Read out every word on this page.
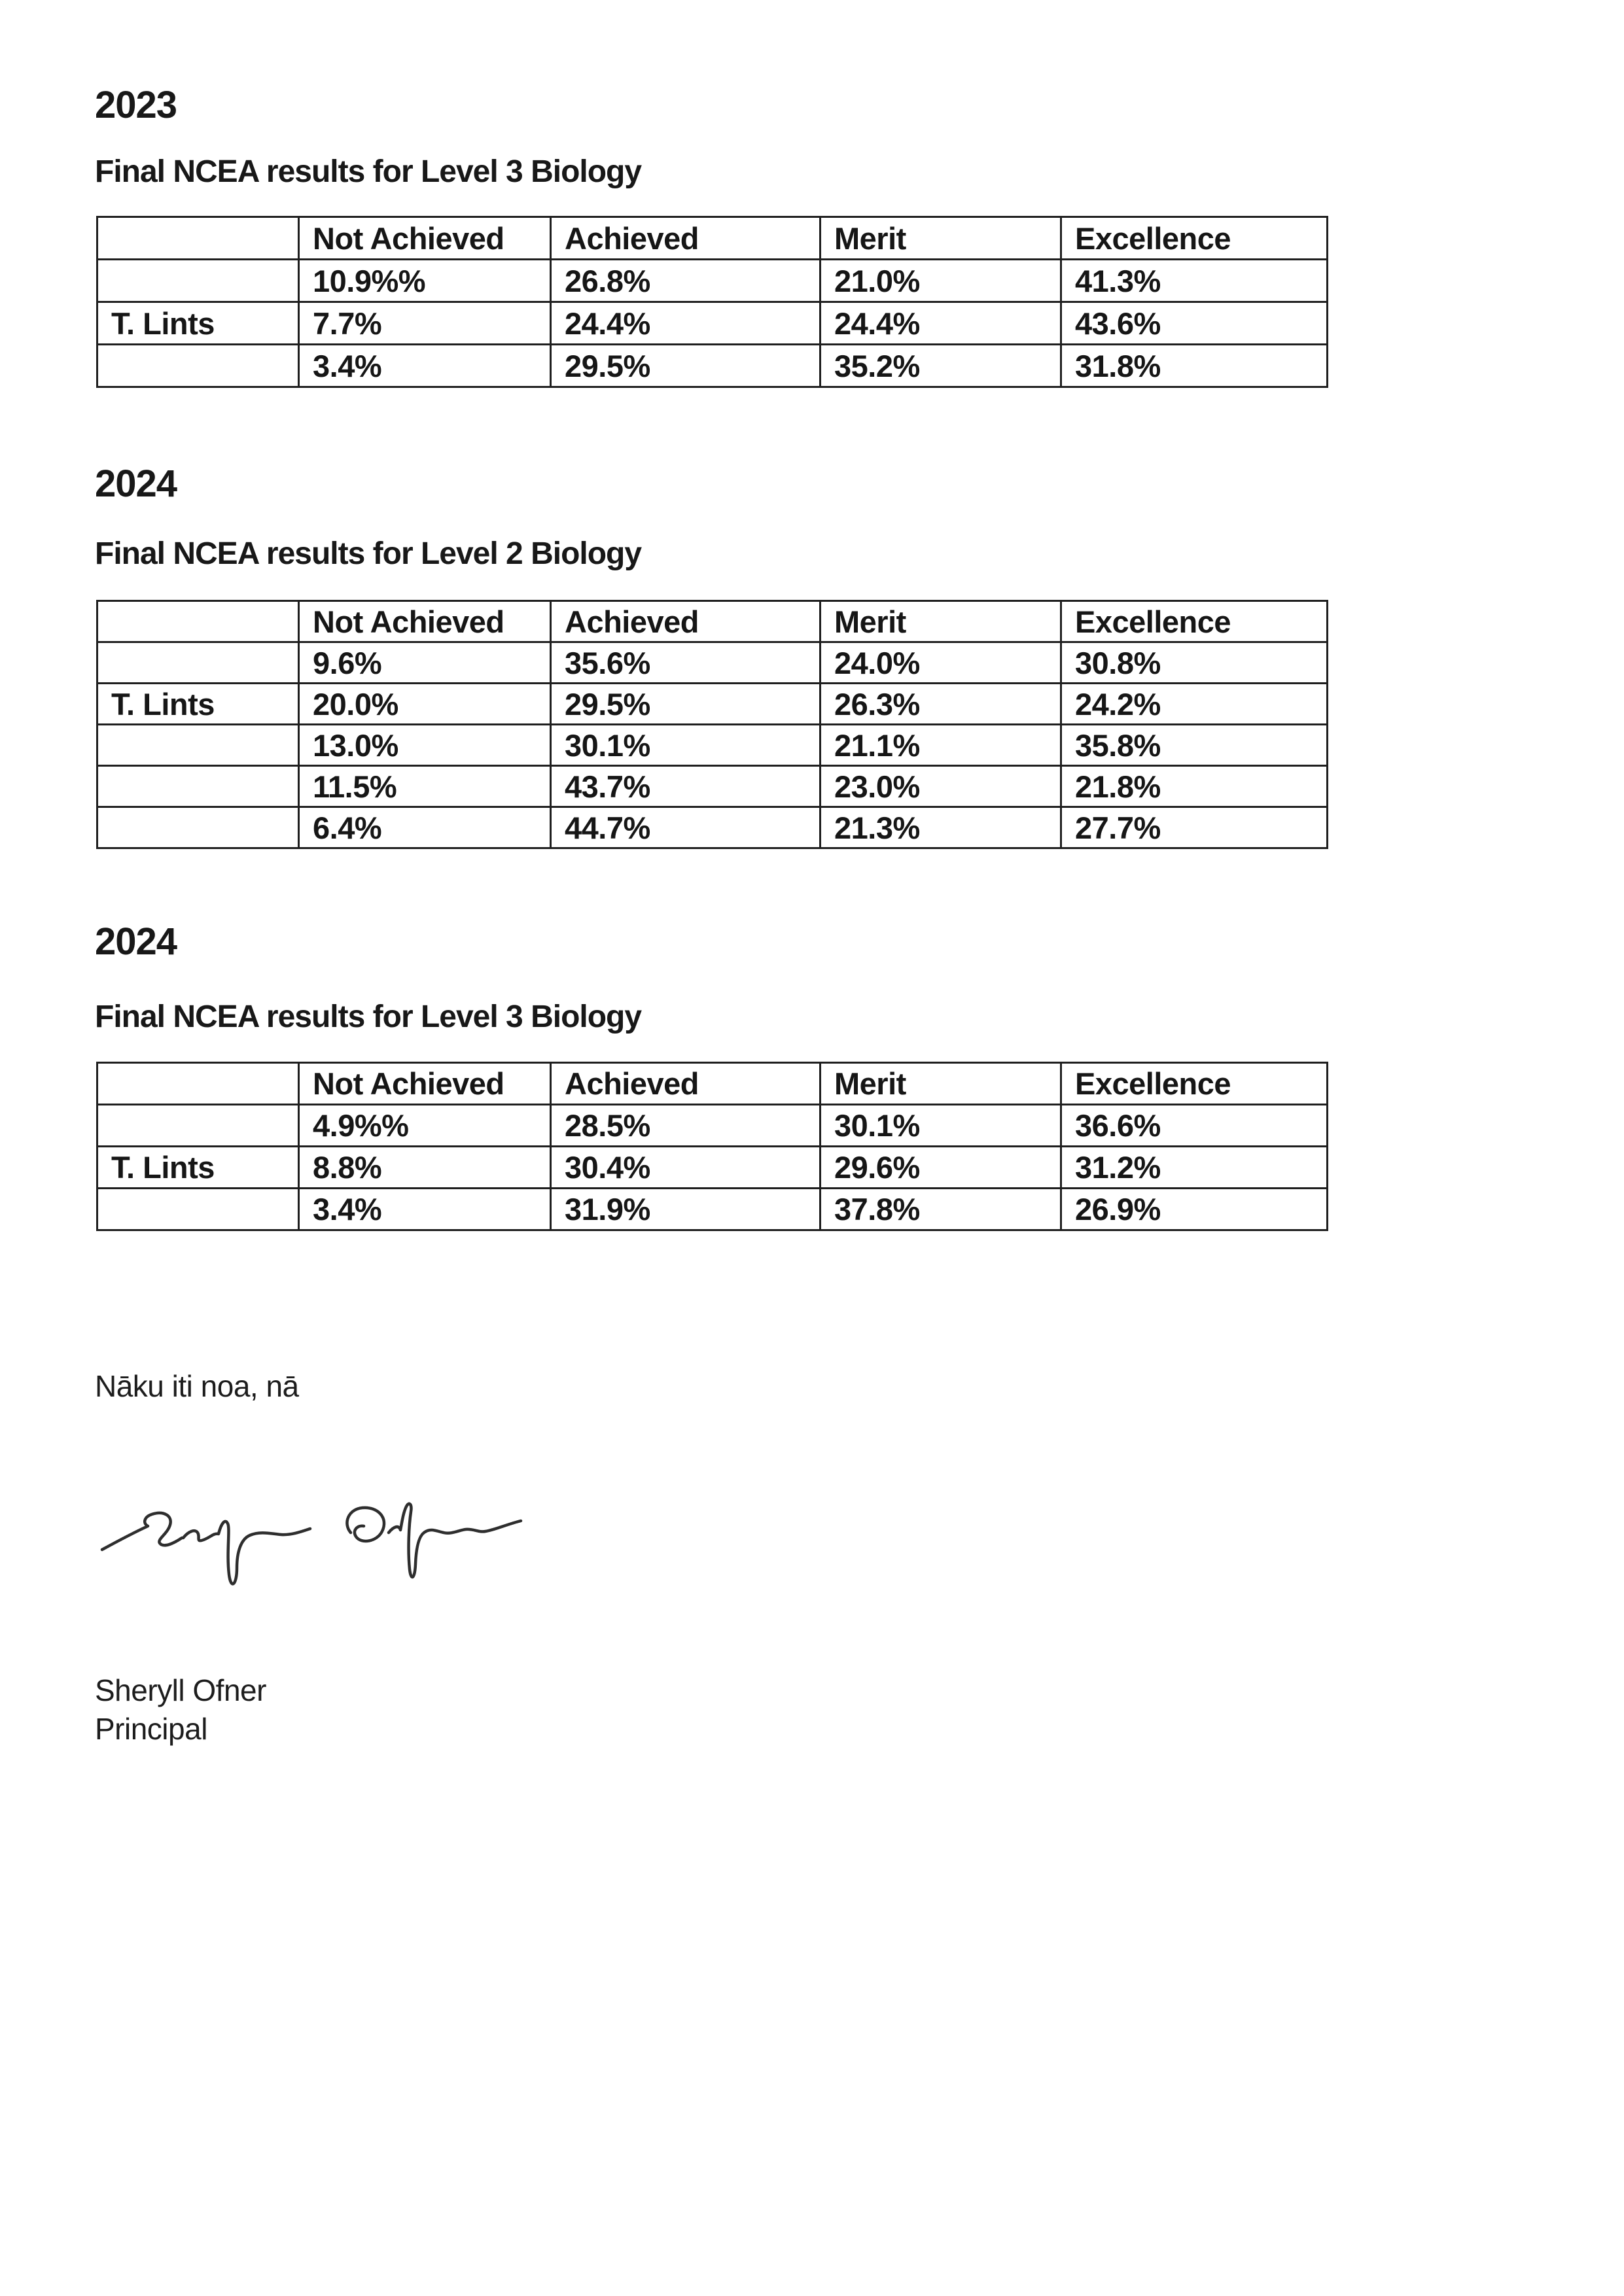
2023
Final NCEA results for Level 3 Biology
	Not Achieved	Achieved	Merit	Excellence
	10.9%%	26.8%	21.0%	41.3%
T. Lints	7.7%	24.4%	24.4%	43.6%
	3.4%	29.5%	35.2%	31.8%
2024
Final NCEA results for Level 2 Biology
	Not Achieved	Achieved	Merit	Excellence
	9.6%	35.6%	24.0%	30.8%
T. Lints	20.0%	29.5%	26.3%	24.2%
	13.0%	30.1%	21.1%	35.8%
	11.5%	43.7%	23.0%	21.8%
	6.4%	44.7%	21.3%	27.7%
2024
Final NCEA results for Level 3 Biology
	Not Achieved	Achieved	Merit	Excellence
	4.9%%	28.5%	30.1%	36.6%
T. Lints	8.8%	30.4%	29.6%	31.2%
	3.4%	31.9%	37.8%	26.9%
Nāku iti noa, nā
Sheryll Ofner
Principal
